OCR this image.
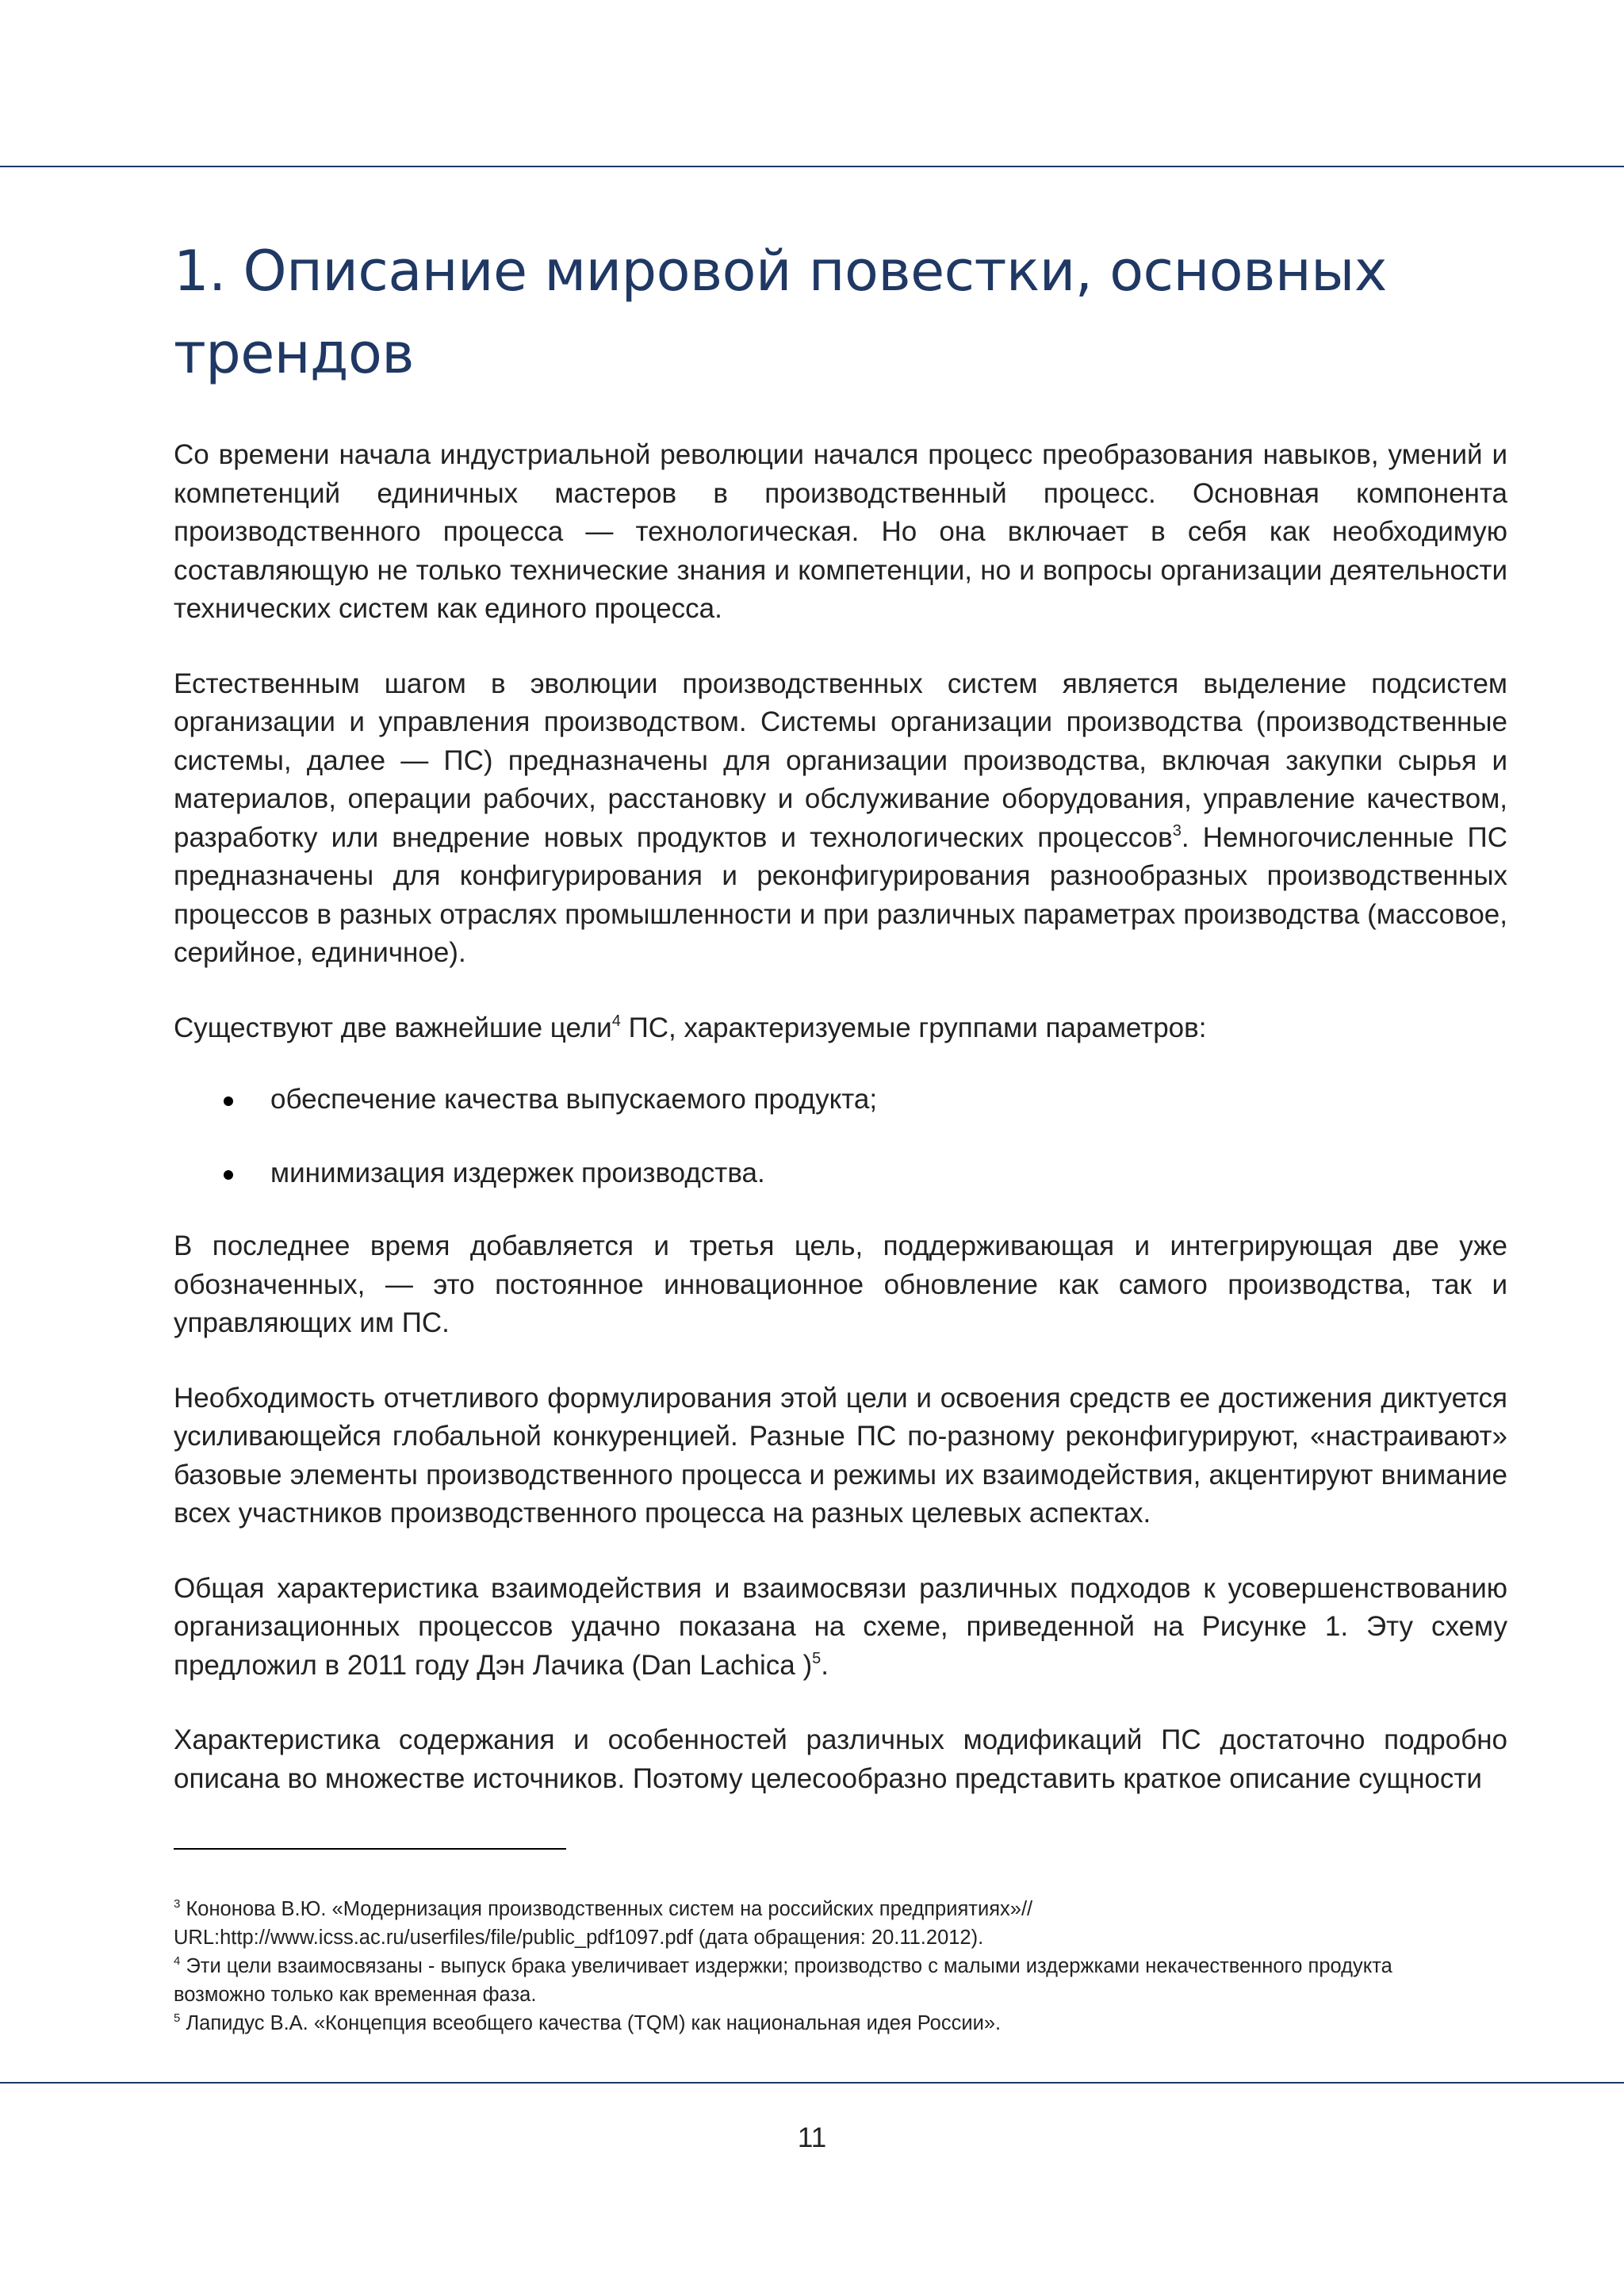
1. Описание мировой повестки, основных трендов

Со времени начала индустриальной революции начался процесс преобразования навыков, умений и компетенций единичных мастеров в производственный процесс. Основная компонента производственного процесса — технологическая. Но она включает в себя как необходимую составляющую не только технические знания и компетенции, но и вопросы организации деятельности технических систем как единого процесса.

Естественным шагом в эволюции производственных систем является выделение подсистем организации и управления производством. Системы организации производства (производственные системы, далее — ПС) предназначены для организации производства, включая закупки сырья и материалов, операции рабочих, расстановку и обслуживание оборудования, управление качеством, разработку или внедрение новых продуктов и технологических процессов$^3$. Немногочисленные ПС предназначены для конфигурирования и реконфигурирования разнообразных производственных процессов в разных отраслях промышленности и при различных параметрах производства (массовое, серийное, единичное).

Существуют две важнейшие цели$^4$ ПС, характеризуемые группами параметров:

обеспечение качества выпускаемого продукта;
минимизация издержек производства.

В последнее время добавляется и третья цель, поддерживающая и интегрирующая две уже обозначенных, — это постоянное инновационное обновление как самого производства, так и управляющих им ПС.

Необходимость отчетливого формулирования этой цели и освоения средств ее достижения диктуется усиливающейся глобальной конкуренцией. Разные ПС по-разному реконфигурируют, «настраивают» базовые элементы производственного процесса и режимы их взаимодействия, акцентируют внимание всех участников производственного процесса на разных целевых аспектах.

Общая характеристика взаимодействия и взаимосвязи различных подходов к усовершенствованию организационных процессов удачно показана на схеме, приведенной на Рисунке 1. Эту схему предложил в 2011 году Дэн Лачика (Dan Lachica )$^5$.

Характеристика содержания и особенностей различных модификаций ПС достаточно подробно описана во множестве источников. Поэтому целесообразно представить краткое описание сущности

$^3$ Кононова В.Ю. «Модернизация производственных систем на российских предприятиях»//
URL:http://www.icss.ac.ru/userfiles/file/public_pdf1097.pdf (дата обращения: 20.11.2012).
$^4$ Эти цели взаимосвязаны - выпуск брака увеличивает издержки; производство с малыми издержками некачественного продукта
возможно только как временная фаза.
$^5$ Лапидус В.А. «Концепция всеобщего качества (TQM) как национальная идея России».
11
